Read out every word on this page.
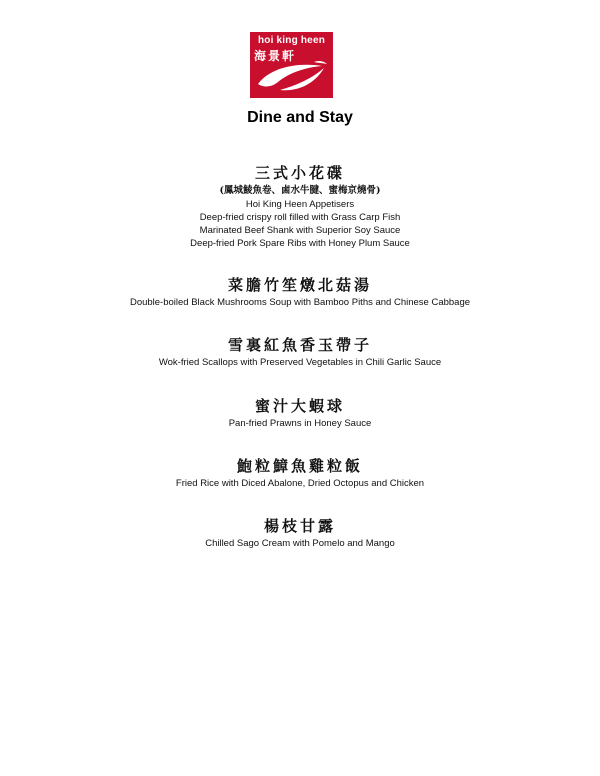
hoi king heen
海景軒
Dine and Stay
三式小花碟
(鳳城鯪魚卷、鹵水牛腱、蜜梅京燒骨)
Hoi King Heen Appetisers
Deep-fried crispy roll filled with Grass Carp Fish
Marinated Beef Shank with Superior Soy Sauce
Deep-fried Pork Spare Ribs with Honey Plum Sauce
菜膽竹笙燉北菇湯
Double-boiled Black Mushrooms Soup with Bamboo Piths and Chinese Cabbage
雪裏紅魚香玉帶子
Wok-fried Scallops with Preserved Vegetables in Chili Garlic Sauce
蜜汁大蝦球
Pan-fried Prawns in Honey Sauce
鮑粒鱆魚雞粒飯
Fried Rice with Diced Abalone, Dried Octopus and Chicken
楊枝甘露
Chilled Sago Cream with Pomelo and Mango
